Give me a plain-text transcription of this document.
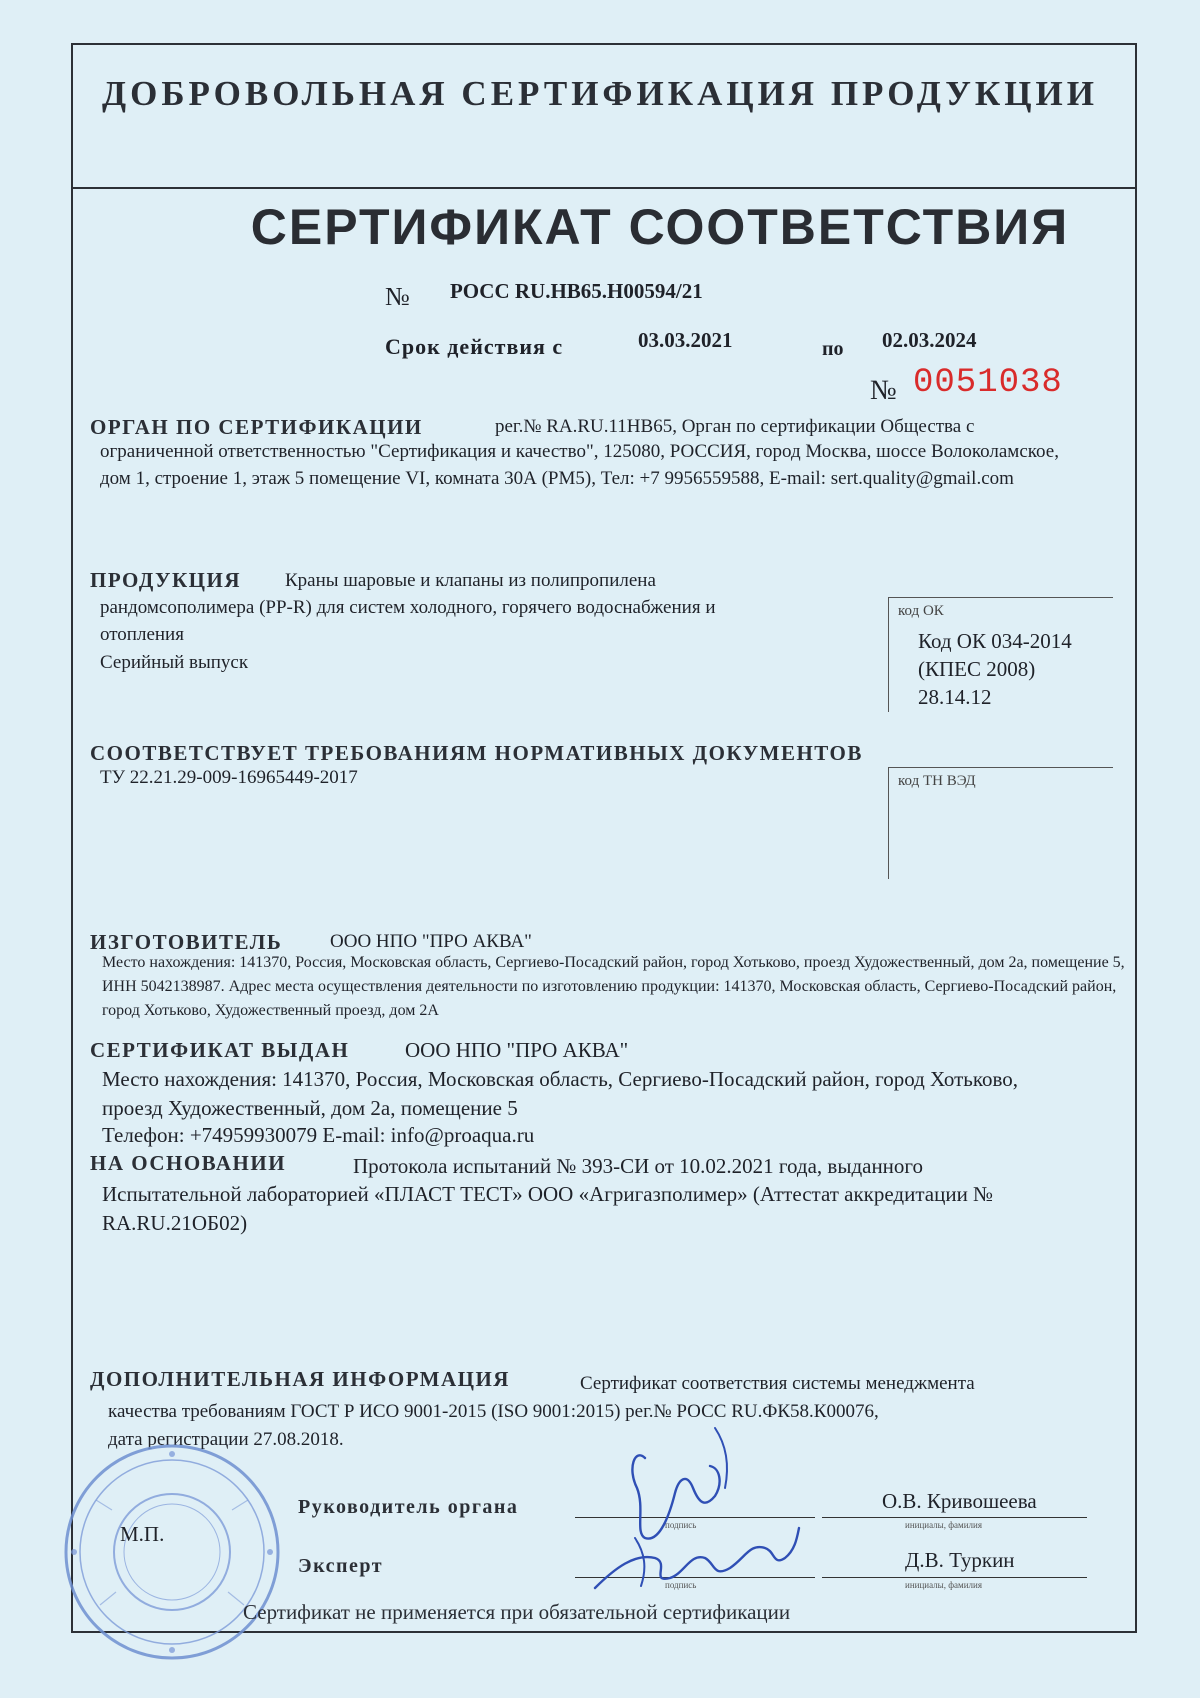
ДОБРОВОЛЬНАЯ СЕРТИФИКАЦИЯ ПРОДУКЦИИ
СЕРТИФИКАТ СООТВЕТСТВИЯ
№ РОСС RU.HB65.H00594/21
Срок действия с	03.03.2021	по 02.03.2024
№ 0051038
ОРГАН ПО СЕРТИФИКАЦИИ	рег.№ RA.RU.11HB65, Орган по сертификации Общества с
ограниченной ответственностью "Сертификация и качество", 125080, РОССИЯ, город Москва, шоссе Волоколамское, дом 1, строение 1, этаж 5 помещение VI, комната 30А (РМ5), Тел: +7 9956559588, E-mail: sert.quality@gmail.com
ПРОДУКЦИЯ Краны шаровые и клапаны из полипропилена
рандомсополимера (PP-R) для систем холодного, горячего водоснабжения и отопления
Серийный выпуск
код ОК
Код ОК 034-2014
(КПЕС 2008)
28.14.12
СООТВЕТСТВУЕТ ТРЕБОВАНИЯМ НОРМАТИВНЫХ ДОКУМЕНТОВ
ТУ 22.21.29-009-16965449-2017	код ТН ВЭД
ИЗГОТОВИТЕЛЬ	ООО НПО "ПРО АКВА"
Место нахождения: 141370, Россия, Московская область, Сергиево-Посадский район, город Хотьково, проезд Художественный, дом 2а, помещение 5, ИНН 5042138987. Адрес места осуществления деятельности по изготовлению продукции: 141370, Московская область, Сергиево-Посадский район, город Хотьково, Художественный проезд, дом 2А
СЕРТИФИКАТ ВЫДАН	ООО НПО "ПРО АКВА"
Место нахождения: 141370, Россия, Московская область, Сергиево-Посадский район, город Хотьково, проезд Художественный, дом 2а, помещение 5
Телефон: +74959930079 E-mail: info@proaqua.ru
НА ОСНОВАНИИ	Протокола испытаний № 393-СИ от 10.02.2021 года, выданного
Испытательной лабораторией «ПЛАСТ ТЕСТ» ООО «Агригазполимер» (Аттестат аккредитации № RA.RU.21ОБ02)
ДОПОЛНИТЕЛЬНАЯ ИНФОРМАЦИЯ	Сертификат соответствия системы менеджмента
качества требованиям ГОСТ Р ИСО 9001-2015 (ISO 9001:2015) рег.№ РОСС RU.ФК58.К00076,
дата регистрации 27.08.2018.
М.П.
Руководитель органа
подпись
О.В. Кривошеева
инициалы, фамилия
Эксперт
подпись
Д.В. Туркин
инициалы, фамилия
Сертификат не применяется при обязательной сертификации
